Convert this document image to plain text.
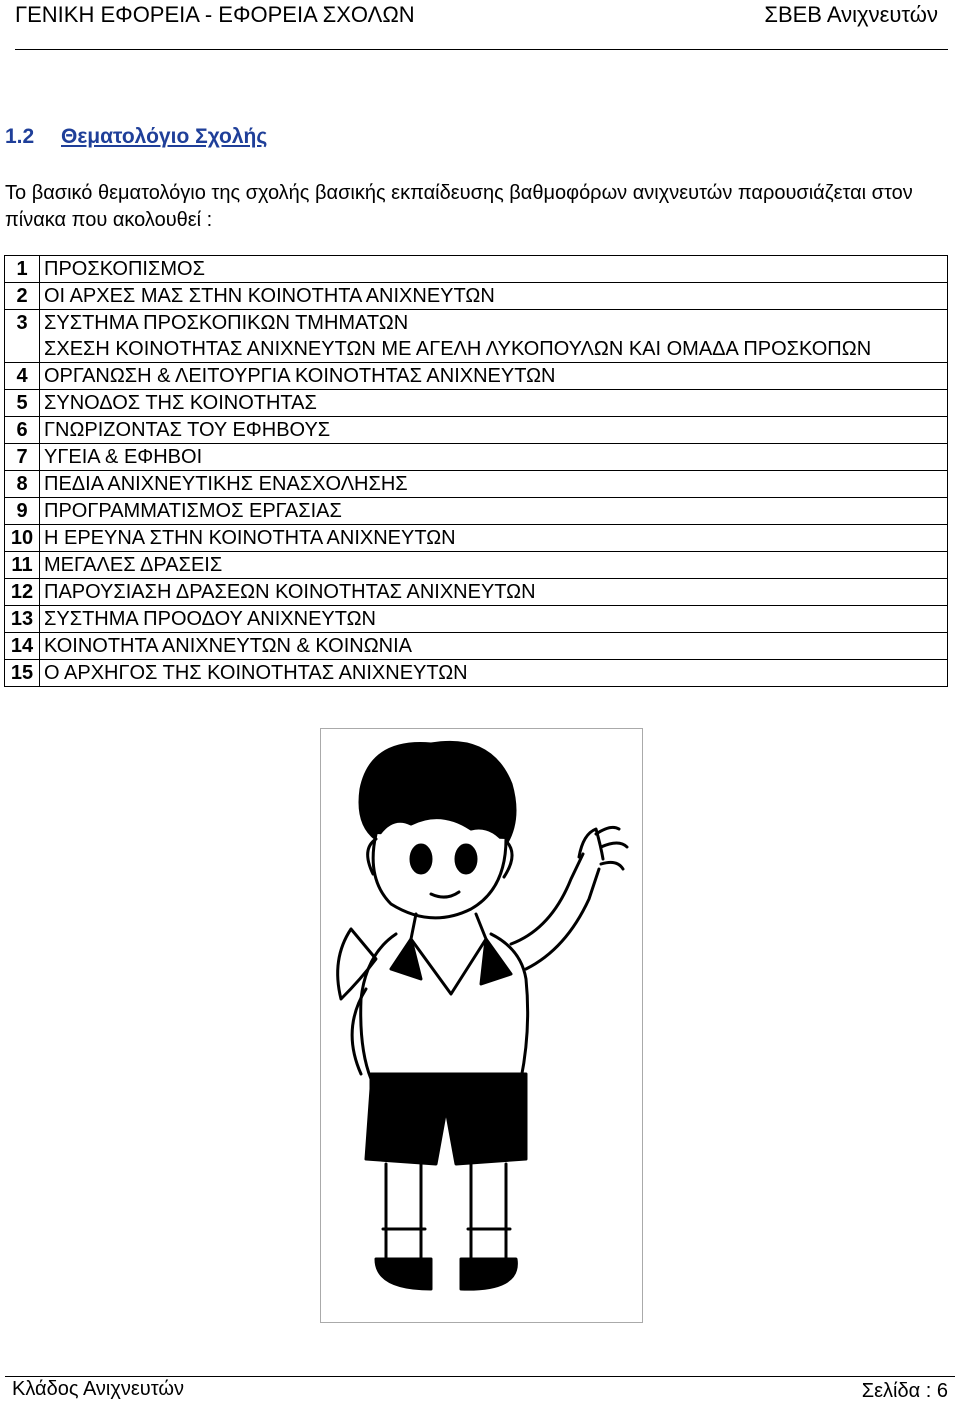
ΓΕΝΙΚΗ ΕΦΟΡΕΙΑ - ΕΦΟΡΕΙΑ ΣΧΟΛΩΝ	ΣΒΕΒ Ανιχνευτών
1.2 Θεματολόγιο Σχολής
Το βασικό θεματολόγιο της σχολής βασικής εκπαίδευσης βαθμοφόρων ανιχνευτών παρουσιάζεται στον πίνακα που ακολουθεί :
1	ΠΡΟΣΚΟΠΙΣΜΟΣ

2	ΟΙ ΑΡΧΕΣ ΜΑΣ ΣΤΗΝ ΚΟΙΝΟΤΗΤΑ ΑΝΙΧΝΕΥΤΩΝ

3	ΣΥΣΤΗΜΑ ΠΡΟΣΚΟΠΙΚΩΝ ΤΜΗΜΑΤΩΝ
ΣΧΕΣΗ ΚΟΙΝΟΤΗΤΑΣ ΑΝΙΧΝΕΥΤΩΝ ΜΕ ΑΓΕΛΗ ΛΥΚΟΠΟΥΛΩΝ ΚΑΙ ΟΜΑΔΑ ΠΡΟΣΚΟΠΩΝ

4	ΟΡΓΑΝΩΣΗ & ΛΕΙΤΟΥΡΓΙΑ ΚΟΙΝΟΤΗΤΑΣ ΑΝΙΧΝΕΥΤΩΝ

5	ΣΥΝΟΔΟΣ ΤΗΣ ΚΟΙΝΟΤΗΤΑΣ

6	ΓΝΩΡΙΖΟΝΤΑΣ ΤΟΥ ΕΦΗΒΟΥΣ

7	ΥΓΕΙΑ & ΕΦΗΒΟΙ

8	ΠΕΔΙΑ ΑΝΙΧΝΕΥΤΙΚΗΣ ΕΝΑΣΧΟΛΗΣΗΣ

9	ΠΡΟΓΡΑΜΜΑΤΙΣΜΟΣ ΕΡΓΑΣΙΑΣ

10	Η ΕΡΕΥΝΑ ΣΤΗΝ ΚΟΙΝΟΤΗΤΑ ΑΝΙΧΝΕΥΤΩΝ

11	ΜΕΓΑΛΕΣ ΔΡΑΣΕΙΣ

12	ΠΑΡΟΥΣΙΑΣΗ ΔΡΑΣΕΩΝ ΚΟΙΝΟΤΗΤΑΣ ΑΝΙΧΝΕΥΤΩΝ

13	ΣΥΣΤΗΜΑ ΠΡΟΟΔΟΥ ΑΝΙΧΝΕΥΤΩΝ

14	ΚΟΙΝΟΤΗΤΑ ΑΝΙΧΝΕΥΤΩΝ & ΚΟΙΝΩΝΙΑ

15	Ο ΑΡΧΗΓΟΣ ΤΗΣ ΚΟΙΝΟΤΗΤΑΣ ΑΝΙΧΝΕΥΤΩΝ
Κλάδος Ανιχνευτών	Σελίδα : 6
